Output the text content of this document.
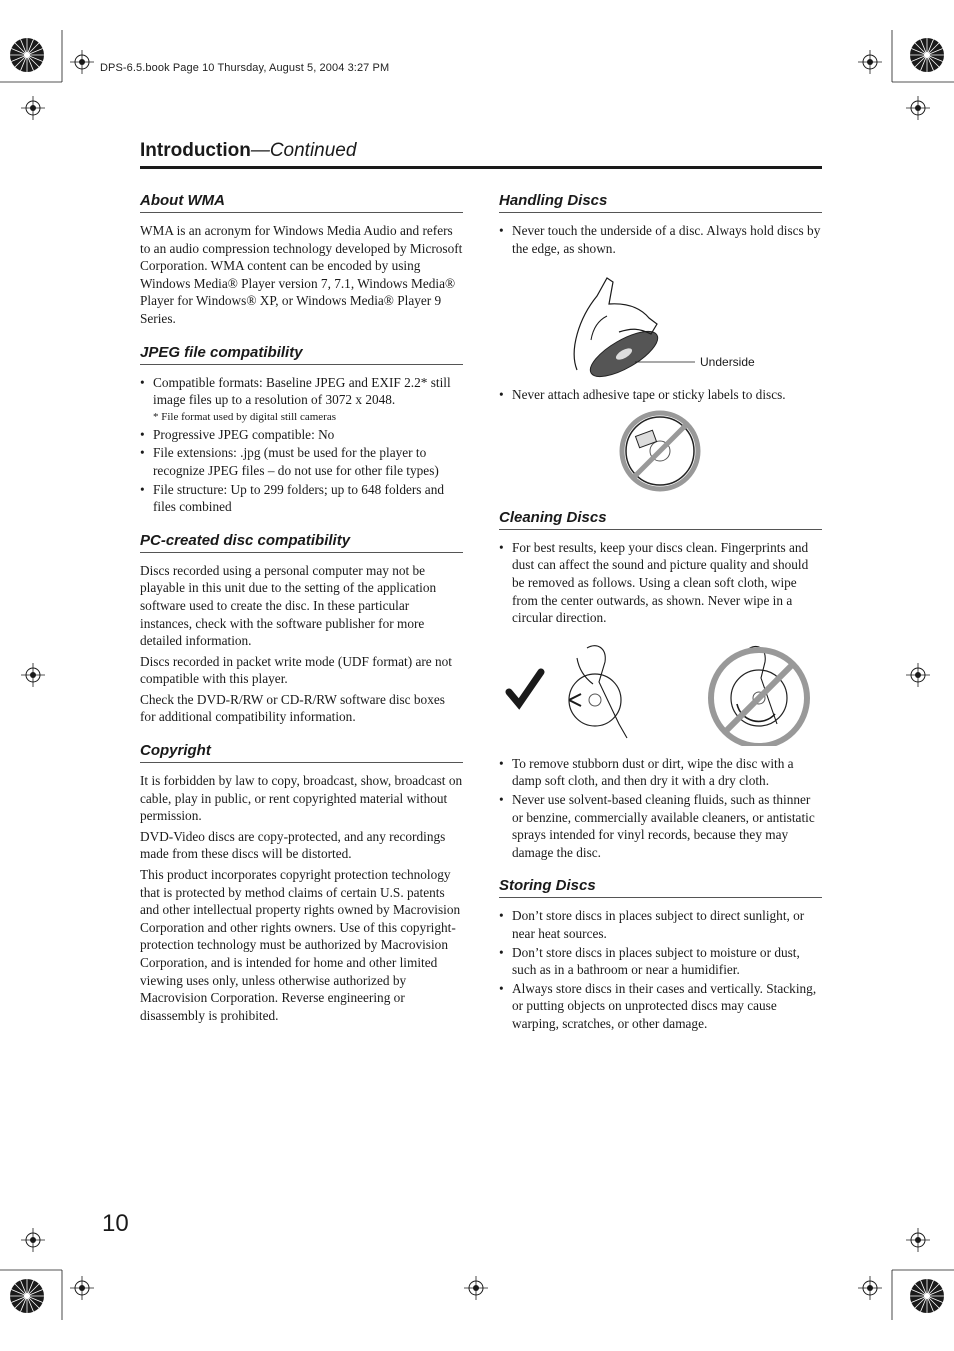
DPS-6.5.book Page 10 Thursday, August 5, 2004 3:27 PM
Introduction—Continued
About WMA

WMA is an acronym for Windows Media Audio and refers to an audio compression technology developed by Microsoft Corporation. WMA content can be encoded by using Windows Media® Player version 7, 7.1, Windows Media® Player for Windows® XP, or Windows Media® Player 9 Series.

JPEG file compatibility
• Compatible formats: Baseline JPEG and EXIF 2.2* still image files up to a resolution of 3072 x 2048.
* File format used by digital still cameras
• Progressive JPEG compatible: No
• File extensions: .jpg (must be used for the player to recognize JPEG files – do not use for other file types)
• File structure: Up to 299 folders; up to 648 folders and files combined
PC-created disc compatibility

Discs recorded using a personal computer may not be playable in this unit due to the setting of the application software used to create the disc. In these particular instances, check with the software publisher for more detailed information.

Discs recorded in packet write mode (UDF format) are not compatible with this player.

Check the DVD-R/RW or CD-R/RW software disc boxes for additional compatibility information.

Copyright

It is forbidden by law to copy, broadcast, show, broadcast on cable, play in public, or rent copyrighted material without permission.

DVD-Video discs are copy-protected, and any recordings made from these discs will be distorted.

This product incorporates copyright protection technology that is protected by method claims of certain U.S. patents and other intellectual property rights owned by Macrovision Corporation and other rights owners. Use of this copyright-protection technology must be authorized by Macrovision Corporation, and is intended for home and other limited viewing uses only, unless otherwise authorized by Macrovision Corporation. Reverse engineering or disassembly is prohibited.

Handling Discs
• Never touch the underside of a disc. Always hold discs by the edge, as shown.
Underside
• Never attach adhesive tape or sticky labels to discs.
Cleaning Discs
• For best results, keep your discs clean. Fingerprints and dust can affect the sound and picture quality and should be removed as follows. Using a clean soft cloth, wipe from the center outwards, as shown. Never wipe in a circular direction.
• To remove stubborn dust or dirt, wipe the disc with a damp soft cloth, and then dry it with a dry cloth.
• Never use solvent-based cleaning fluids, such as thinner or benzine, commercially available cleaners, or antistatic sprays intended for vinyl records, because they may damage the disc.
Storing Discs
• Don’t store discs in places subject to direct sunlight, or near heat sources.
• Don’t store discs in places subject to moisture or dust, such as in a bathroom or near a humidifier.
• Always store discs in their cases and vertically. Stacking, or putting objects on unprotected discs may cause warping, scratches, or other damage.
10
